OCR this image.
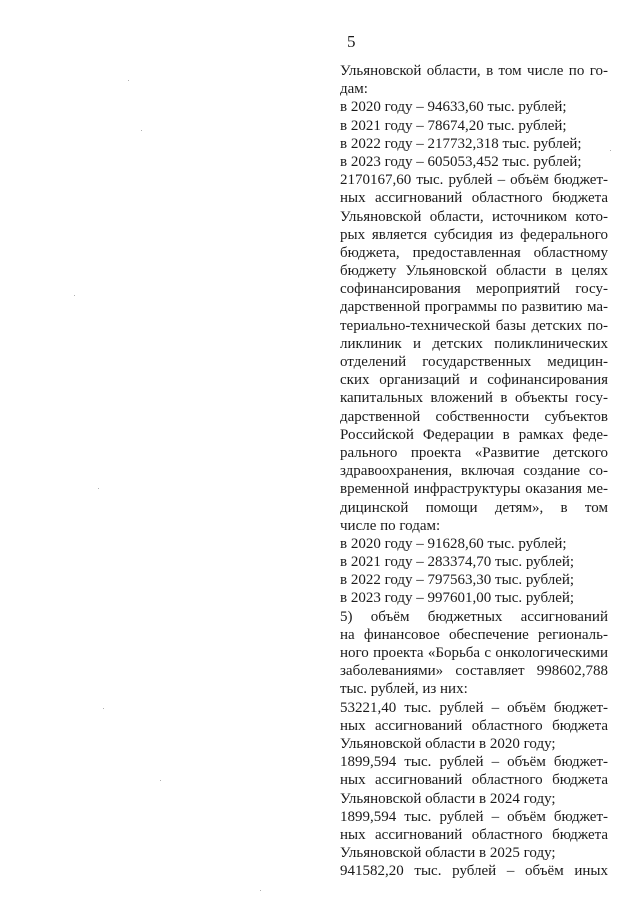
5
Ульяновской области, в том числе по го-
дам:
в 2020 году – 94633,60 тыс. рублей;
в 2021 году – 78674,20 тыс. рублей;
в 2022 году – 217732,318 тыс. рублей;
в 2023 году – 605053,452 тыс. рублей;
2170167,60 тыс. рублей – объём бюджет-
ных ассигнований областного бюджета
Ульяновской области, источником кото-
рых является субсидия из федерального
бюджета, предоставленная областному
бюджету Ульяновской области в целях
софинансирования мероприятий госу-
дарственной программы по развитию ма-
териально-технической базы детских по-
ликлиник и детских поликлинических
отделений государственных медицин-
ских организаций и софинансирования
капитальных вложений в объекты госу-
дарственной собственности субъектов
Российской Федерации в рамках феде-
рального проекта «Развитие детского
здравоохранения, включая создание со-
временной инфраструктуры оказания ме-
дицинской помощи детям», в том
числе по годам:
в 2020 году – 91628,60 тыс. рублей;
в 2021 году – 283374,70 тыс. рублей;
в 2022 году – 797563,30 тыс. рублей;
в 2023 году – 997601,00 тыс. рублей;
5) объём бюджетных ассигнований
на финансовое обеспечение региональ-
ного проекта «Борьба с онкологическими
заболеваниями» составляет 998602,788
тыс. рублей, из них:
53221,40 тыс. рублей – объём бюджет-
ных ассигнований областного бюджета
Ульяновской области в 2020 году;
1899,594 тыс. рублей – объём бюджет-
ных ассигнований областного бюджета
Ульяновской области в 2024 году;
1899,594 тыс. рублей – объём бюджет-
ных ассигнований областного бюджета
Ульяновской области в 2025 году;
941582,20 тыс. рублей – объём иных
